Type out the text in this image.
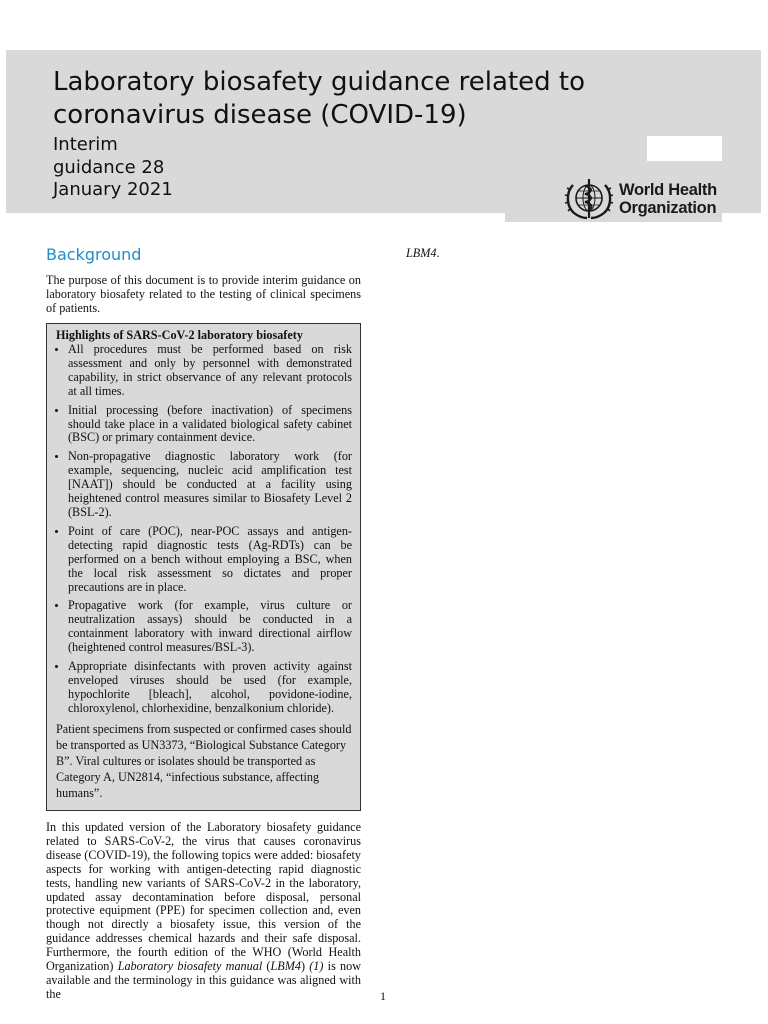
Laboratory biosafety guidance related to coronavirus disease (COVID-19)
Interim
guidance 28
January 2021	World Health
Organization
Background

The purpose of this document is to provide interim guidance on laboratory biosafety related to the testing of clinical specimens of patients.

Highlights of SARS-CoV-2 laboratory biosafety

• All procedures must be performed based on risk assessment and only by personnel with demonstrated capability, in strict observance of any relevant protocols at all times.
• Initial processing (before inactivation) of specimens should take place in a validated biological safety cabinet (BSC) or primary containment device.
• Non-propagative diagnostic laboratory work (for example, sequencing, nucleic acid amplification test [NAAT]) should be conducted at a facility using heightened control measures similar to Biosafety Level 2 (BSL-2).
• Point of care (POC), near-POC assays and antigen-detecting rapid diagnostic tests (Ag-RDTs) can be performed on a bench without employing a BSC, when the local risk assessment so dictates and proper precautions are in place.
• Propagative work (for example, virus culture or neutralization assays) should be conducted in a containment laboratory with inward directional airflow (heightened control measures/BSL-3).
• Appropriate disinfectants with proven activity against enveloped viruses should be used (for example, hypochlorite [bleach], alcohol, povidone-iodine, chloroxylenol, chlorhexidine, benzalkonium chloride).

Patient specimens from suspected or confirmed cases should be transported as UN3373, “Biological Substance Category B”. Viral cultures or isolates should be transported as Category A, UN2814, “infectious substance, affecting humans”.

In this updated version of the Laboratory biosafety guidance related to SARS-CoV-2, the virus that causes coronavirus disease (COVID-19), the following topics were added: biosafety aspects for working with antigen-detecting rapid diagnostic tests, handling new variants of SARS-CoV-2 in the laboratory, updated assay decontamination before disposal, personal protective equipment (PPE) for specimen collection and, even though not directly a biosafety issue, this version of the guidance addresses chemical hazards and their safe disposal. Furthermore, the fourth edition of the WHO (World Health Organization) Laboratory biosafety manual (LBM4) (1) is now available and the terminology in this guidance was aligned with the

LBM4.

1
